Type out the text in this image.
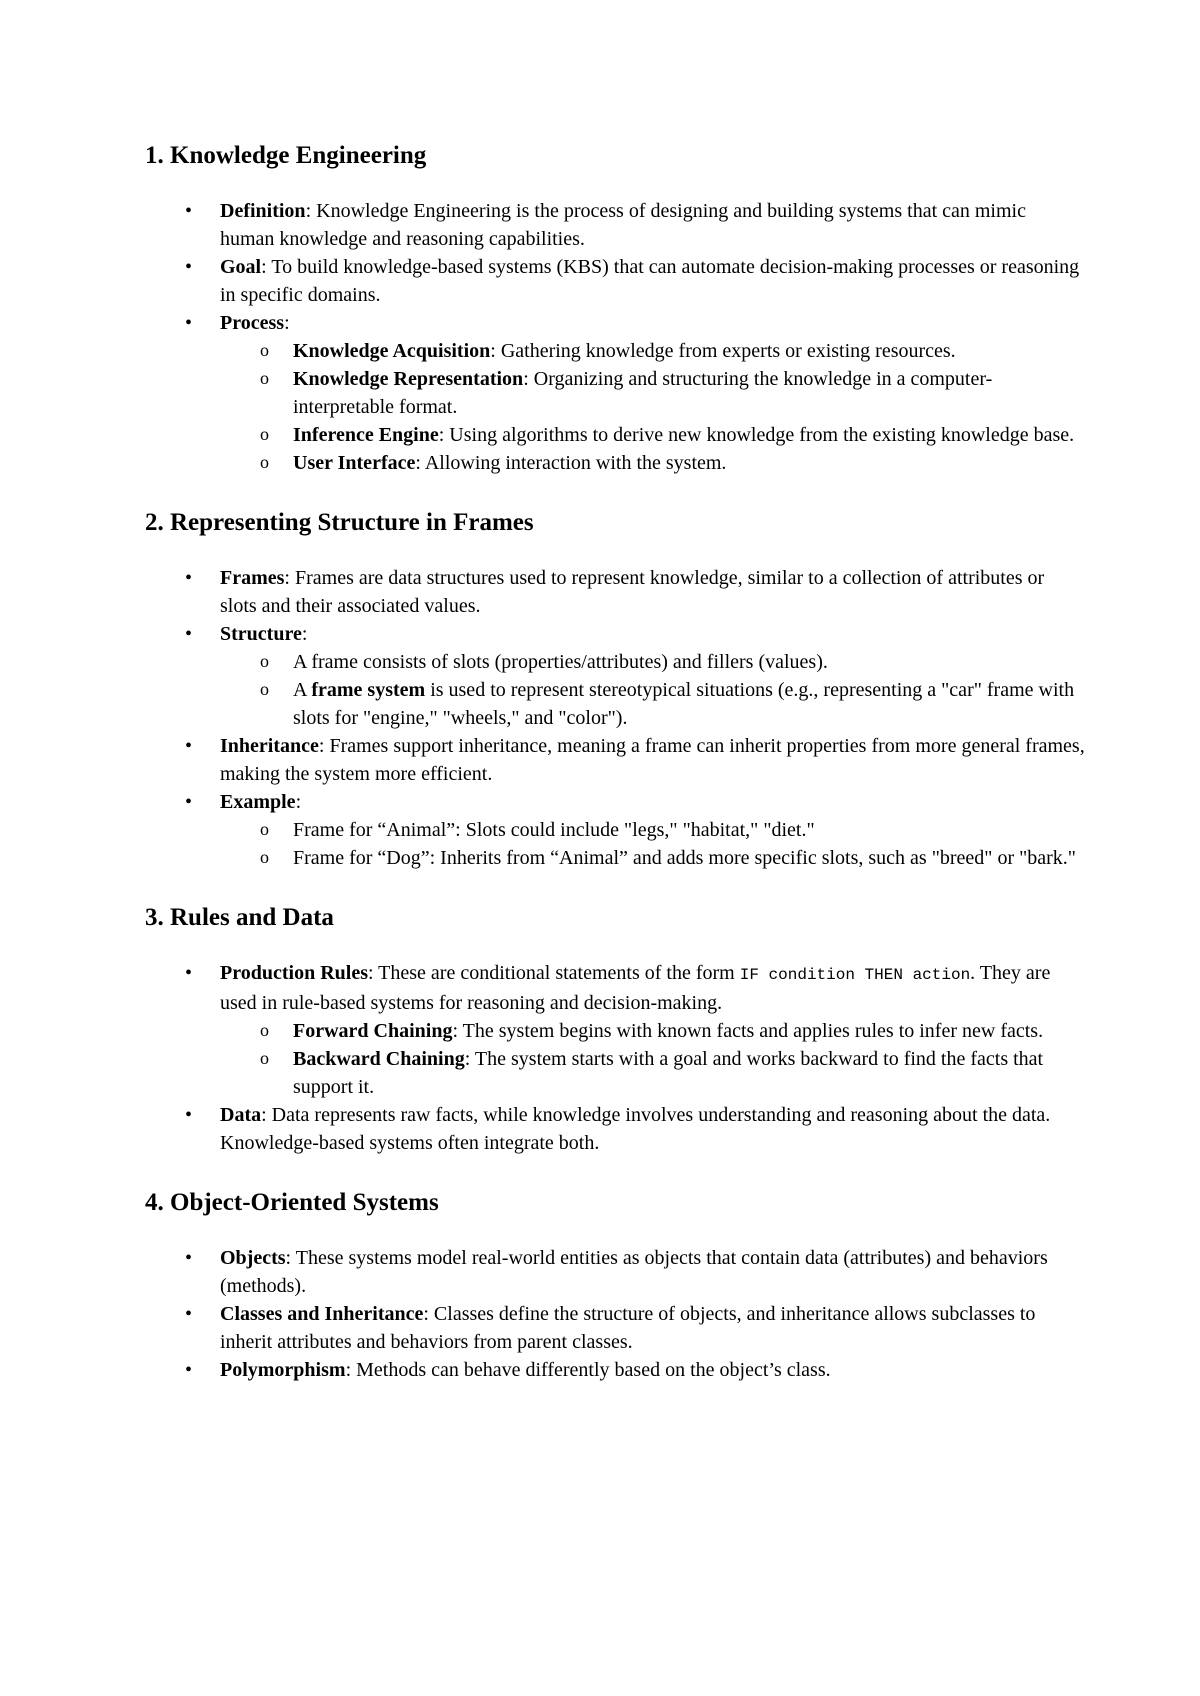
1. Knowledge Engineering
• Definition: Knowledge Engineering is the process of designing and building systems that can mimic human knowledge and reasoning capabilities.
• Goal: To build knowledge-based systems (KBS) that can automate decision-making processes or reasoning in specific domains.
• Process:
o Knowledge Acquisition: Gathering knowledge from experts or existing resources.
o Knowledge Representation: Organizing and structuring the knowledge in a computer-interpretable format.
o Inference Engine: Using algorithms to derive new knowledge from the existing knowledge base.
o User Interface: Allowing interaction with the system.
2. Representing Structure in Frames
• Frames: Frames are data structures used to represent knowledge, similar to a collection of attributes or slots and their associated values.
• Structure:
o A frame consists of slots (properties/attributes) and fillers (values).
o A frame system is used to represent stereotypical situations (e.g., representing a "car" frame with slots for "engine," "wheels," and "color").
• Inheritance: Frames support inheritance, meaning a frame can inherit properties from more general frames, making the system more efficient.
• Example:
o Frame for “Animal”: Slots could include "legs," "habitat," "diet."
o Frame for “Dog”: Inherits from “Animal” and adds more specific slots, such as "breed" or "bark."
3. Rules and Data
• Production Rules: These are conditional statements of the form IF condition THEN action. They are used in rule-based systems for reasoning and decision-making.
o Forward Chaining: The system begins with known facts and applies rules to infer new facts.
o Backward Chaining: The system starts with a goal and works backward to find the facts that support it.
• Data: Data represents raw facts, while knowledge involves understanding and reasoning about the data. Knowledge-based systems often integrate both.
4. Object-Oriented Systems
• Objects: These systems model real-world entities as objects that contain data (attributes) and behaviors (methods).
• Classes and Inheritance: Classes define the structure of objects, and inheritance allows subclasses to inherit attributes and behaviors from parent classes.
• Polymorphism: Methods can behave differently based on the object’s class.
